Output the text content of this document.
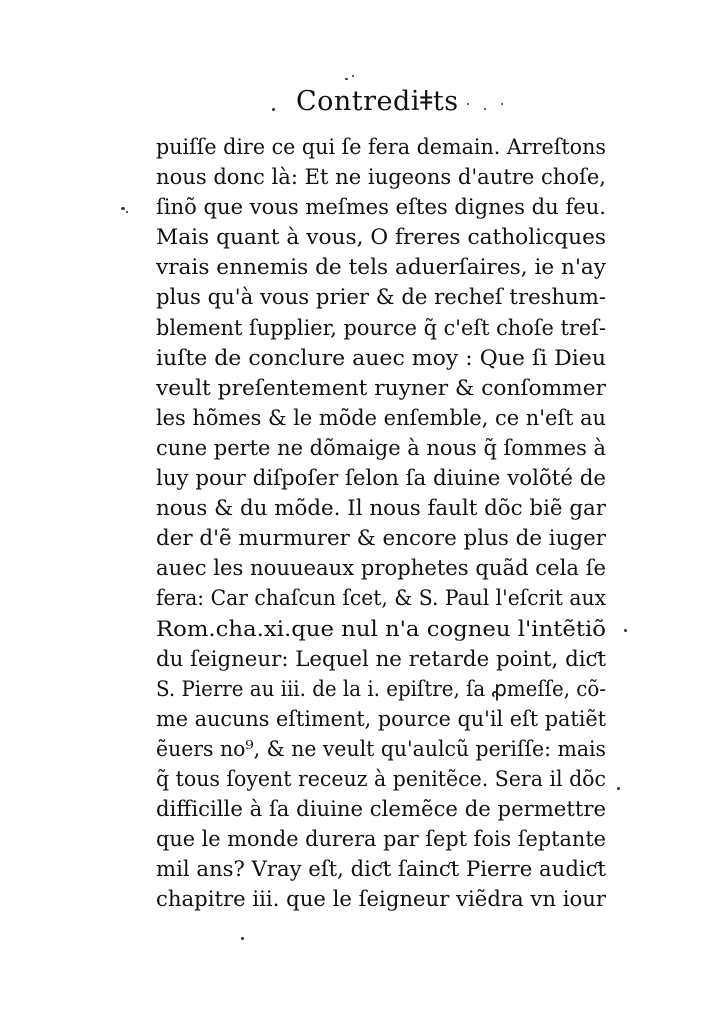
Contrediǂts
puiſſe dire ce qui ſe fera demain. Arreſtons
nous donc là: Et ne iugeons d'autre choſe,
ſinõ que vous meſmes eſtes dignes du feu.
Mais quant à vous, O freres catholicques
vrais ennemis de tels aduerſaires, ie n'ay
plus qu'à vous prier & de recheſ treshum-
blement ſupplier, pource q̃ c'eſt choſe treſ-
iuſte de conclure auec moy : Que ſi Dieu
veult preſentement ruyner & conſommer
les hõmes & le mõde enſemble, ce n'eſt au
cune perte ne dõmaige à nous q̃ ſommes à
luy pour diſpoſer ſelon ſa diuine volõté de
nous & du mõde. Il nous fault dõc biẽ gar
der d'ẽ murmurer & encore plus de iuger
auec les nouueaux prophetes quãd cela ſe
fera: Car chaſcun ſcet, & S. Paul l'eſcrit aux
Rom.cha.xi.que nul n'a cogneu l'intẽtiõ
du ſeigneur: Lequel ne retarde point, diƈt
S. Pierre au iii. de la i. epiſtre, ſa ꝓmeſſe, cõ-
me aucuns eſtiment, pource qu'il eſt patiẽt
ẽuers no⁹, & ne veult qu'aulcũ periſſe: mais
q̃ tous ſoyent receuz à penitẽce. Sera il dõc
difficille à ſa diuine clemẽce de permettre
que le monde durera par ſept fois ſeptante
mil ans? Vray eſt, diƈt ſainƈt Pierre audiƈt
chapitre iii. que le ſeigneur viẽdra vn iour
